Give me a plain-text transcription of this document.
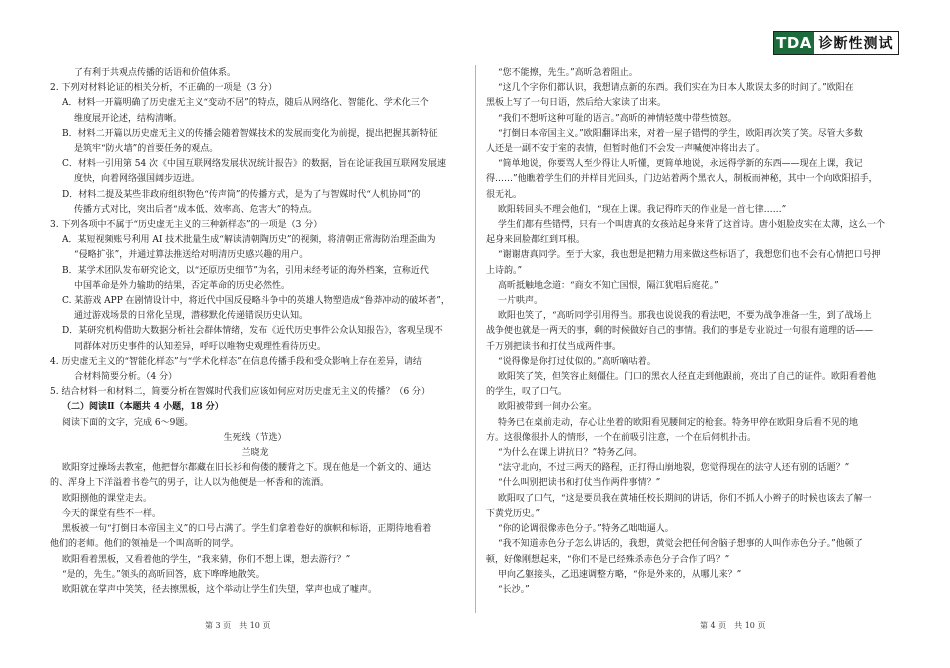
TDA 诊断性测试

了有利于共观点传播的话语和价值体系。

2. 下列对材料论证的相关分析，不正确的一项是（3 分）

A．材料一开篇明确了历史虚无主义“变动不居”的特点，随后从网络化、智能化、学术化三个

维度展开论述，结构清晰。

B．材料二开篇以历史虚无主义的传播会随着智媒技术的发展而变化为前提，提出把握其新特征

是筑牢“防火墙”的首要任务的观点。

C．材料一引用第 54 次《中国互联网络发展状况统计报告》的数据，旨在论证我国互联网发展速

度快，向着网络强国阔步迈进。

D．材料二提及某些非政府组织物色“传声筒”的传播方式，是为了与智媒时代“人机协同”的

传播方式对比，突出后者“成本低、效率高、危害大”的特点。

3. 下列各项中不属于“历史虚无主义的三种新样态”的一项是（3 分）

A．某短视频账号利用 AI 技术批量生成“解读清朝陶历史”的视频，将清朝正常海防治理歪曲为

“侵略扩张”，并通过算法推送给对明清历史感兴趣的用户。

B．某学术团队发布研究论文，以“还原历史细节”为名，引用未经考证的海外档案，宣称近代

中国革命是外力输助的结果，否定革命的历史必然性。

C. 某游戏 APP 在剧情设计中，将近代中国反侵略斗争中的英雄人物塑造成“鲁莽冲动的破坏者”，

通过游戏场景的日常化呈现，潜移默化传递错误历史认知。

D．某研究机构借助大数据分析社会群体情绪，发布《近代历史事件公众认知报告》，客观呈现不

同群体对历史事件的认知差异，呼吁以唯物史观理性看待历史。

4. 历史虚无主义的“智能化样态”与“学术化样态”在信息传播手段和受众影响上存在差异，请结

合材料简要分析。（4 分）

5. 结合材料一和材料二，简要分析在智媒时代我们应该如何应对历史虚无主义的传播？（6 分）

（二）阅读Ⅱ（本题共 4 小题，18 分）

阅读下面的文字，完成 6～9题。

生死线（节选）

兰晓龙

欧阳穿过操场去教室，他把督尔都藏在旧长衫和佝偻的腰背之下。现在他是一个新文的、通达

的、浑身上下洋溢着书卷气的男子，让人以为他便是一杯香和的流酒。

欧阳捌他的课堂走去。

今天的课堂有些不一样。

黑板被一句“打倒日本帝国主义”的口号占满了。学生们拿着卷好的旗帜和标语，正期待地看着

他们的老师。他们的领袖是一个叫高昕的同学。

欧阳看着黑板，又看着他的学生，“我来猜，你们不想上课，想去游行？”

“是的，先生。”领头的高昕回答，底下哗哗地散笑。

欧阳就在掌声中笑笑，径去擦黑板，这个举动让学生们失望，掌声也成了嘘声。

“您不能擦，先生。”高昕急着阻止。

“这几个字你们都认识，我想请点新的东西。我们实在为日本人欺误太多的时间了。”欧阳在

黑板上写了一句日语，然后给大家读了出来。

“我们不想听这种可耻的语言。”高昕的神情轻蔑中带些愤怒。

“打倒日本帝国主义。”欧阳翻译出来，对着一屋子错愕的学生，欧阳再次笑了笑。尽管大多数

人还是一副不安于室的表情，但暂时他们不会发一声喊便冲将出去了。

“简单地说，你要骂人至少得让人听懂，更简单地说，永远得学新的东西——现在上课，我记

得……”他瞧着学生们的并样目光回头，门边站着两个黑衣人，制板而神秘，其中一个向欧阳招手，

很无礼。

欧阳转回头不理会他们，“现在上课。我记得昨天的作业是一首七律……”

学生们都有些错愕，只有一个叫唐真的女孩站起身来背了这首诗。唐小姐脸皮实在太薄，这么一个

起身来回脸都红到耳根。

“谢谢唐真同学。至于大家，我也想是把精力用来做这些标语了，我想您们也不会有心情把口号押

上诗韵。”

高昕抵触地念道：“商女不知亡国恨，隔江犹唱后庭花。”

一片哄声。

欧阳也笑了，“高昕同学引用得当。那我也说说我的看法吧，不要为战争准备一生，到了战场上

战争便也就是一两天的事，剩的时候做好自己的事情。我们的事是专业说过一句很有道理的话——

千万别把读书和打仗当成两件事。

“说得像是你打过仗似的。”高昕嘀咕着。

欧阳笑了笑，但笑容止刻僵住。门口的黑衣人径直走到他跟前，亮出了自己的证件。欧阳看着他

的学生，叹了口气。

欧阳被带到一间办公室。

特务已在桌前走动，存心让坐着的欧阳看见腰间定的枪套。特务甲停在欧阳身后看不见的地

方。这很像很扑人的情形，一个在前吸引注意，一个在后伺机扑击。

“为什么在课上讲抗日？”特务乙问。

“法守北向，不过三两天的路程，正打得山崩地裂，您觉得现在的法守人还有别的话题？”

“什么叫别把读书和打仗当作两件事情？”

欧阳叹了口气，“这是要员我在黄埔任校长期间的讲话，你们不抓人小辫子的时候也该去了解一

下黄党历史。”

“你的论调很像赤色分子。”特务乙咄咄逼人。

“我不知道赤色分子怎么讲话的，我想，黄觉会把任何舍脑子想事的人叫作赤色分子。”他顿了

顿，好像刚想起来，“你们不是已经殊杀赤色分子合作了吗？”

甲向乙躯接头，乙迅速调整方略，“你是外来的，从哪儿来？”

“长沙。”

第 3 页　共 10 页	第 4 页　共 10 页
